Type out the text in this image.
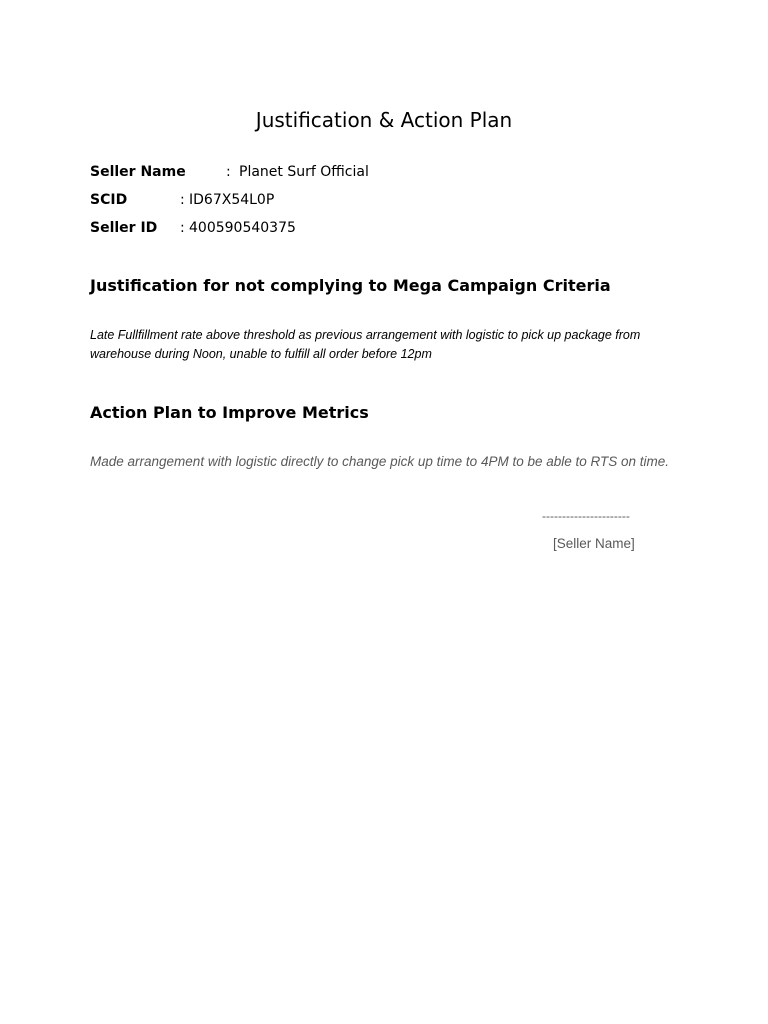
Justification & Action Plan
Seller Name	: Planet Surf Official
SCID	: ID67X54L0P
Seller ID : 400590540375
Justification for not complying to Mega Campaign Criteria

Late Fullfillment rate above threshold as previous arrangement with logistic to pick up package from warehouse during Noon, unable to fulfill all order before 12pm

Action Plan to Improve Metrics

Made arrangement with logistic directly to change pick up time to 4PM to be able to RTS on time.

----------------------
[Seller Name]
